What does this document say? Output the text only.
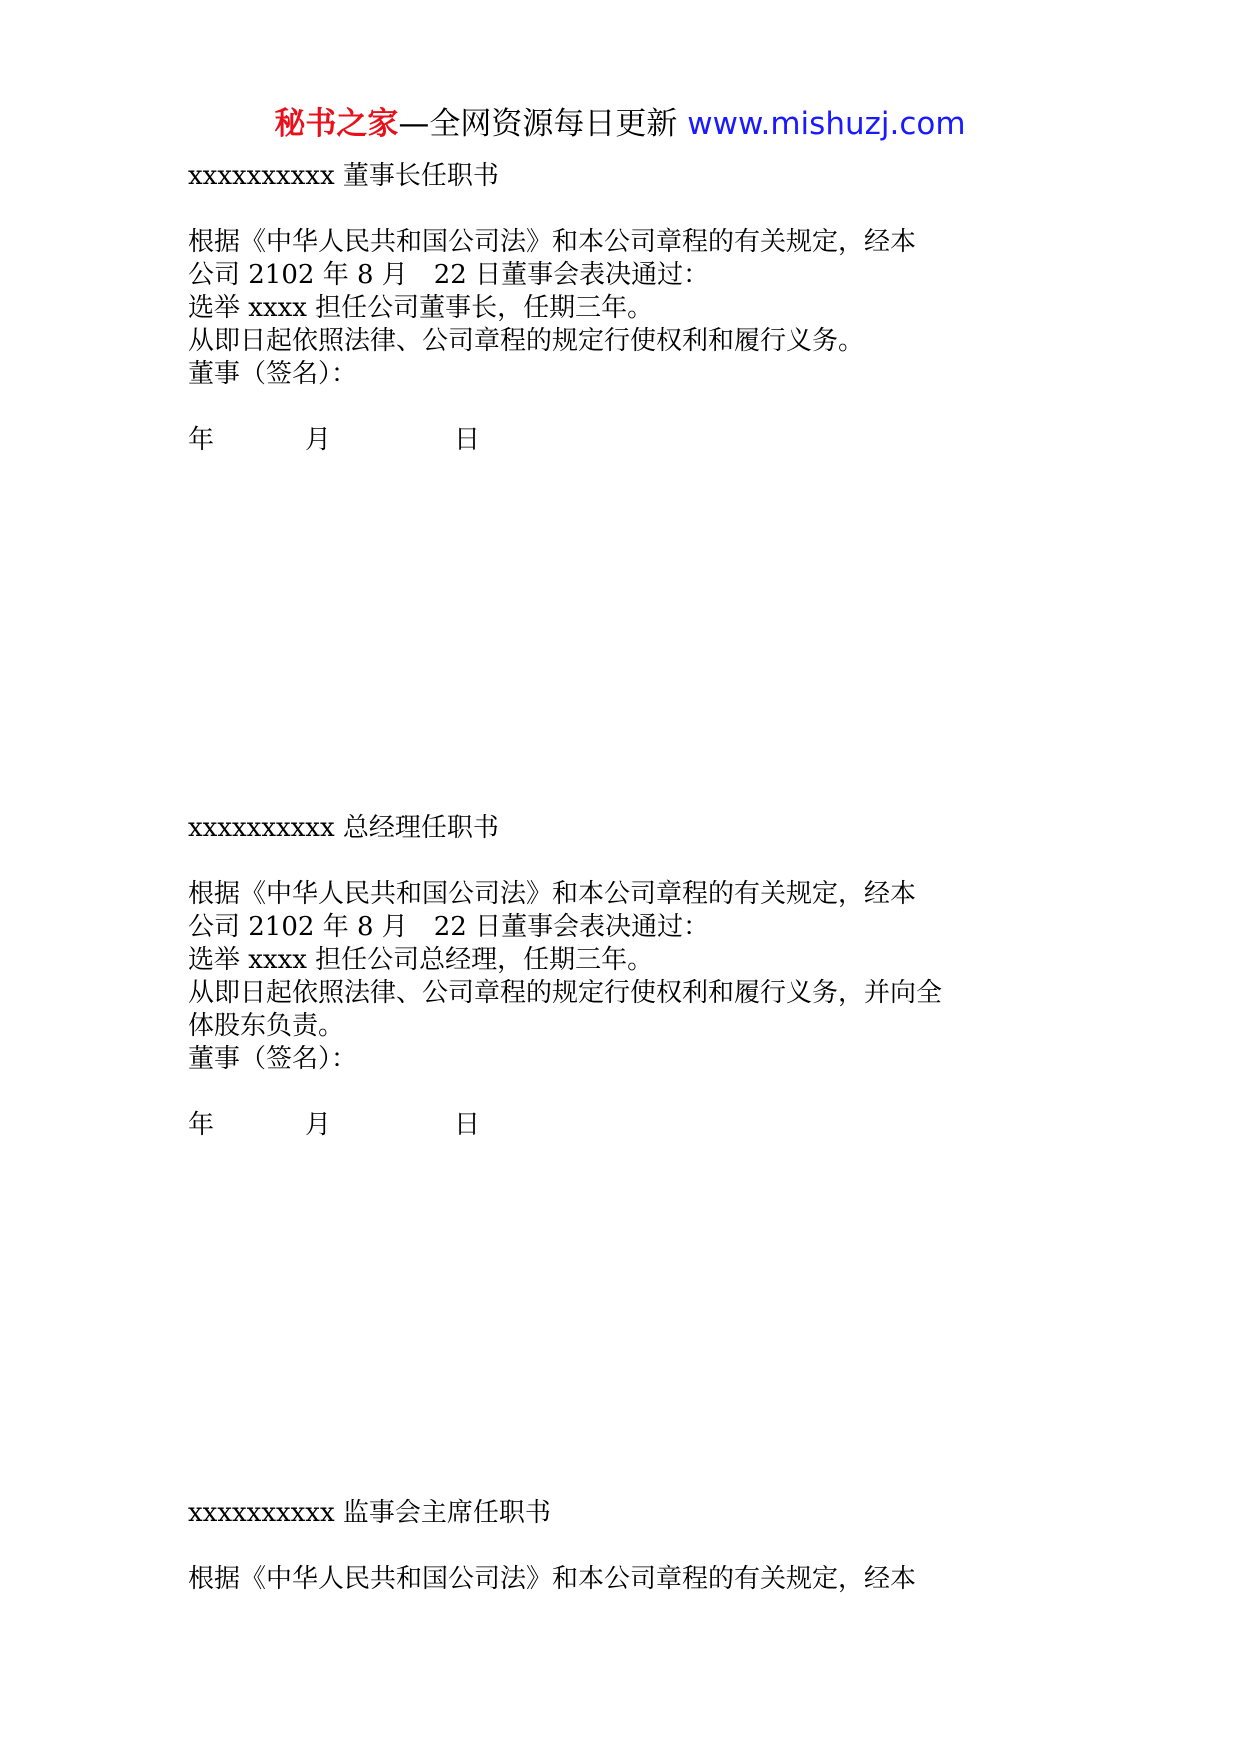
秘书之家—全网资源每日更新 www.mishuzj.com
xxxxxxxxxx 董事长任职书
根据《中华人民共和国公司法》和本公司章程的有关规定，经本
公司 2102 年 8 月　22 日董事会表决通过：
选举 xxxx 担任公司董事长，任期三年。
从即日起依照法律、公司章程的规定行使权利和履行义务。
董事（签名）：
年	月	日
xxxxxxxxxx 总经理任职书
根据《中华人民共和国公司法》和本公司章程的有关规定，经本
公司 2102 年 8 月　22 日董事会表决通过：
选举 xxxx 担任公司总经理，任期三年。
从即日起依照法律、公司章程的规定行使权利和履行义务，并向全
体股东负责。
董事（签名）：
年	月	日
xxxxxxxxxx 监事会主席任职书
根据《中华人民共和国公司法》和本公司章程的有关规定，经本
